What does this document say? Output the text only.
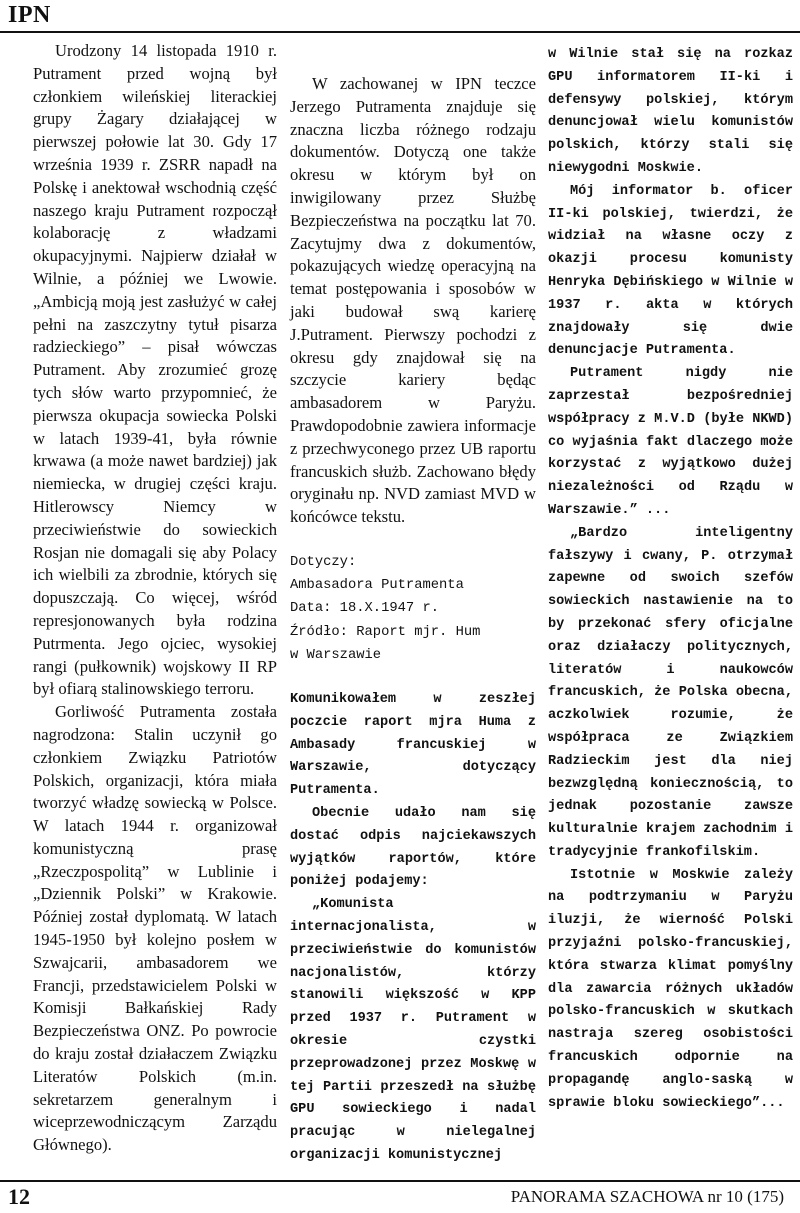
IPN

Urodzony 14 listopada 1910 r. Putrament przed wojną był członkiem wileńskiej literackiej grupy Żagary działającej w pierwszej połowie lat 30. Gdy 17 września 1939 r. ZSRR napadł na Polskę i anektował wschodnią część naszego kraju Putrament rozpoczął kolaborację z władzami okupacyjnymi. Najpierw działał w Wilnie, a później we Lwowie. „Ambicją moją jest zasłużyć w całej pełni na zaszczytny tytuł pisarza radzieckiego” – pisał wówczas Putrament. Aby zrozumieć grozę tych słów warto przypomnieć, że pierwsza okupacja sowiecka Polski w latach 1939-41, była równie krwawa (a może nawet bardziej) jak niemiecka, w drugiej części kraju. Hitlerowscy Niemcy w przeciwieństwie do sowieckich Rosjan nie domagali się aby Polacy ich wielbili za zbrodnie, których się dopuszczają. Co więcej, wśród represjonowanych była rodzina Putrmenta. Jego ojciec, wysokiej rangi (pułkownik) wojskowy II RP był ofiarą stalinowskiego terroru.

Gorliwość Putramenta została nagrodzona: Stalin uczynił go członkiem Związku Patriotów Polskich, organizacji, która miała tworzyć władzę sowiecką w Polsce. W latach 1944 r. organizował komunistyczną prasę „Rzeczpospolitą” w Lublinie i „Dziennik Polski” w Krakowie. Później został dyplomatą. W latach 1945-1950 był kolejno posłem w Szwajcarii, ambasadorem we Francji, przedstawicielem Polski w Komisji Bałkańskiej Rady Bezpieczeństwa ONZ. Po powrocie do kraju został działaczem Związku Literatów Polskich (m.in. sekretarzem generalnym i wiceprzewodniczącym Zarządu Głównego).

W zachowanej w IPN teczce Jerzego Putramenta znajduje się znaczna liczba różnego rodzaju dokumentów. Dotyczą one także okresu w którym był on inwigilowany przez Służbę Bezpieczeństwa na początku lat 70. Zacytujmy dwa z dokumentów, pokazujących wiedzę operacyjną na temat postępowania i sposobów w jaki budował swą karierę J.Putrament. Pierwszy pochodzi z okresu gdy znajdował się na szczycie kariery będąc ambasadorem w Paryżu. Prawdopodobnie zawiera informacje z przechwyconego przez UB raportu francuskich służb. Zachowano błędy oryginału np. NVD zamiast MVD w końcówce tekstu.

Dotyczy:
Ambasadora Putramenta
Data: 18.X.1947 r.
Źródło: Raport mjr. Hum
w Warszawie

Komunikowałem w zeszłej poczcie raport mjra Huma z Ambasady francuskiej w Warszawie, dotyczący Putramenta.

Obecnie udało nam się dostać odpis najciekawszych wyjątków raportów, które poniżej podajemy:

„Komunista internacjonalista, w przeciwieństwie do komunistów nacjonalistów, którzy stanowili większość w KPP przed 1937 r. Putrament w okresie czystki przeprowadzonej przez Moskwę w tej Partii przeszedł na służbę GPU sowieckiego i nadal pracując w nielegalnej organizacji komunistycznej

w Wilnie stał się na rozkaz GPU informatorem II-ki i defensywy polskiej, którym denuncjował wielu komunistów polskich, którzy stali się niewygodni Moskwie.

Mój informator b. oficer II-ki polskiej, twierdzi, że widział na własne oczy z okazji procesu komunisty Henryka Dębińskiego w Wilnie w 1937 r. akta w których znajdowały się dwie denuncjacje Putramenta.

Putrament nigdy nie zaprzestał bezpośredniej współpracy z M.V.D (byłe NKWD) co wyjaśnia fakt dlaczego może korzystać z wyjątkowo dużej niezależności od Rządu w Warszawie.” ...

„Bardzo inteligentny fałszywy i cwany, P. otrzymał zapewne od swoich szefów sowieckich nastawienie na to by przekonać sfery oficjalne oraz działaczy politycznych, literatów i naukowców francuskich, że Polska obecna, aczkolwiek rozumie, że współpraca ze Związkiem Radzieckim jest dla niej bezwzględną koniecznością, to jednak pozostanie zawsze kulturalnie krajem zachodnim i tradycyjnie frankofilskim.

Istotnie w Moskwie zależy na podtrzymaniu w Paryżu iluzji, że wierność Polski przyjaźni polsko-francuskiej, która stwarza klimat pomyślny dla zawarcia różnych układów polsko-francuskich w skutkach nastraja szereg osobistości francuskich odpornie na propagandę anglo-saską w sprawie bloku sowieckiego”...

12	PANORAMA SZACHOWA nr 10 (175)
